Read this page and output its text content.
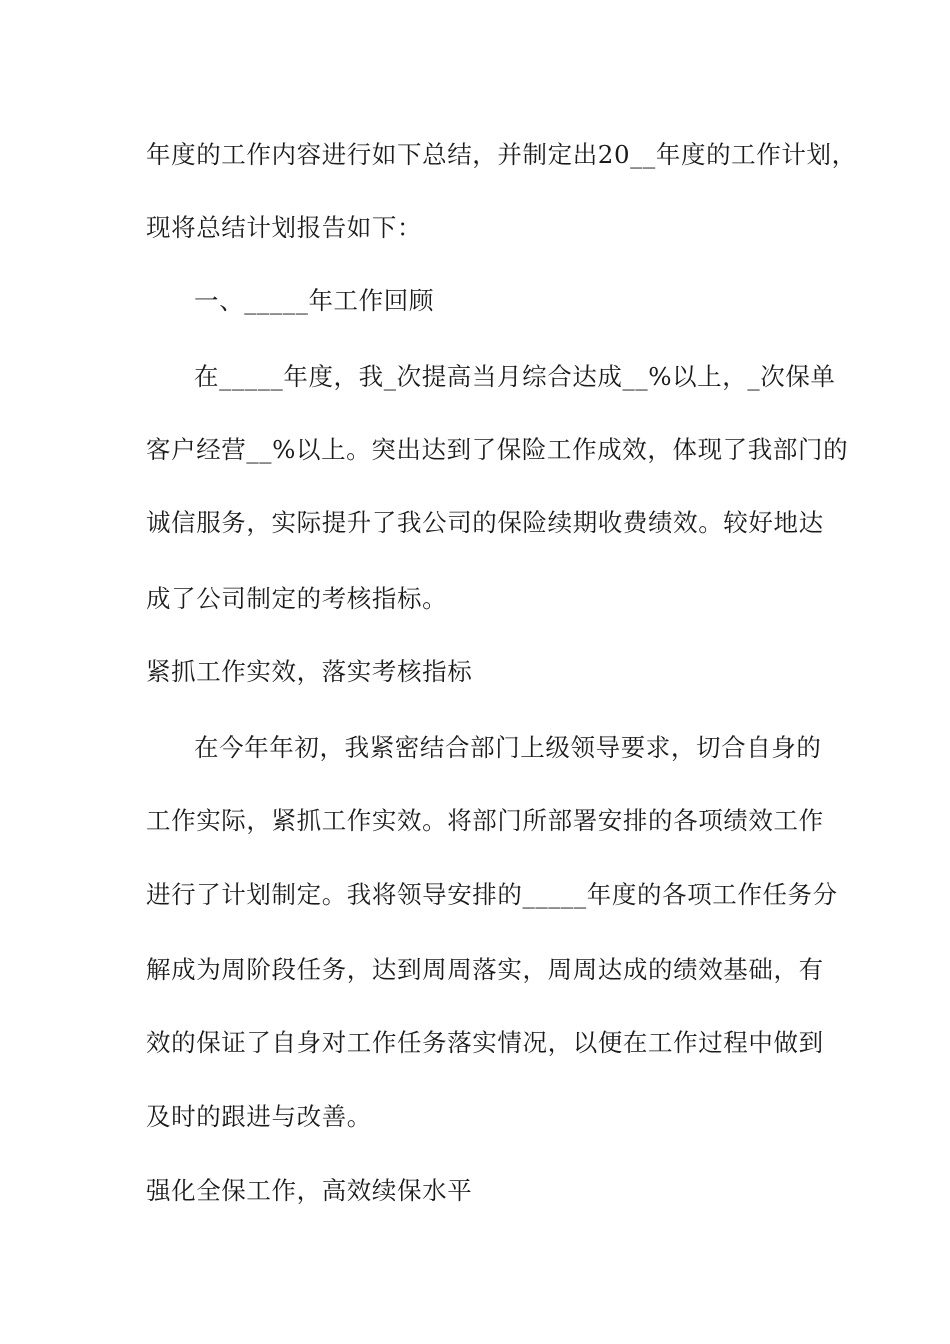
年度的工作内容进行如下总结，并制定出20__年度的工作计划，
现将总结计划报告如下：
一、_____年工作回顾
在_____年度，我_次提高当月综合达成__%以上，_次保单
客户经营__%以上。突出达到了保险工作成效，体现了我部门的
诚信服务，实际提升了我公司的保险续期收费绩效。较好地达
成了公司制定的考核指标。
紧抓工作实效，落实考核指标
在今年年初，我紧密结合部门上级领导要求，切合自身的
工作实际，紧抓工作实效。将部门所部署安排的各项绩效工作
进行了计划制定。我将领导安排的_____年度的各项工作任务分
解成为周阶段任务，达到周周落实，周周达成的绩效基础，有
效的保证了自身对工作任务落实情况，以便在工作过程中做到
及时的跟进与改善。
强化全保工作，高效续保水平
